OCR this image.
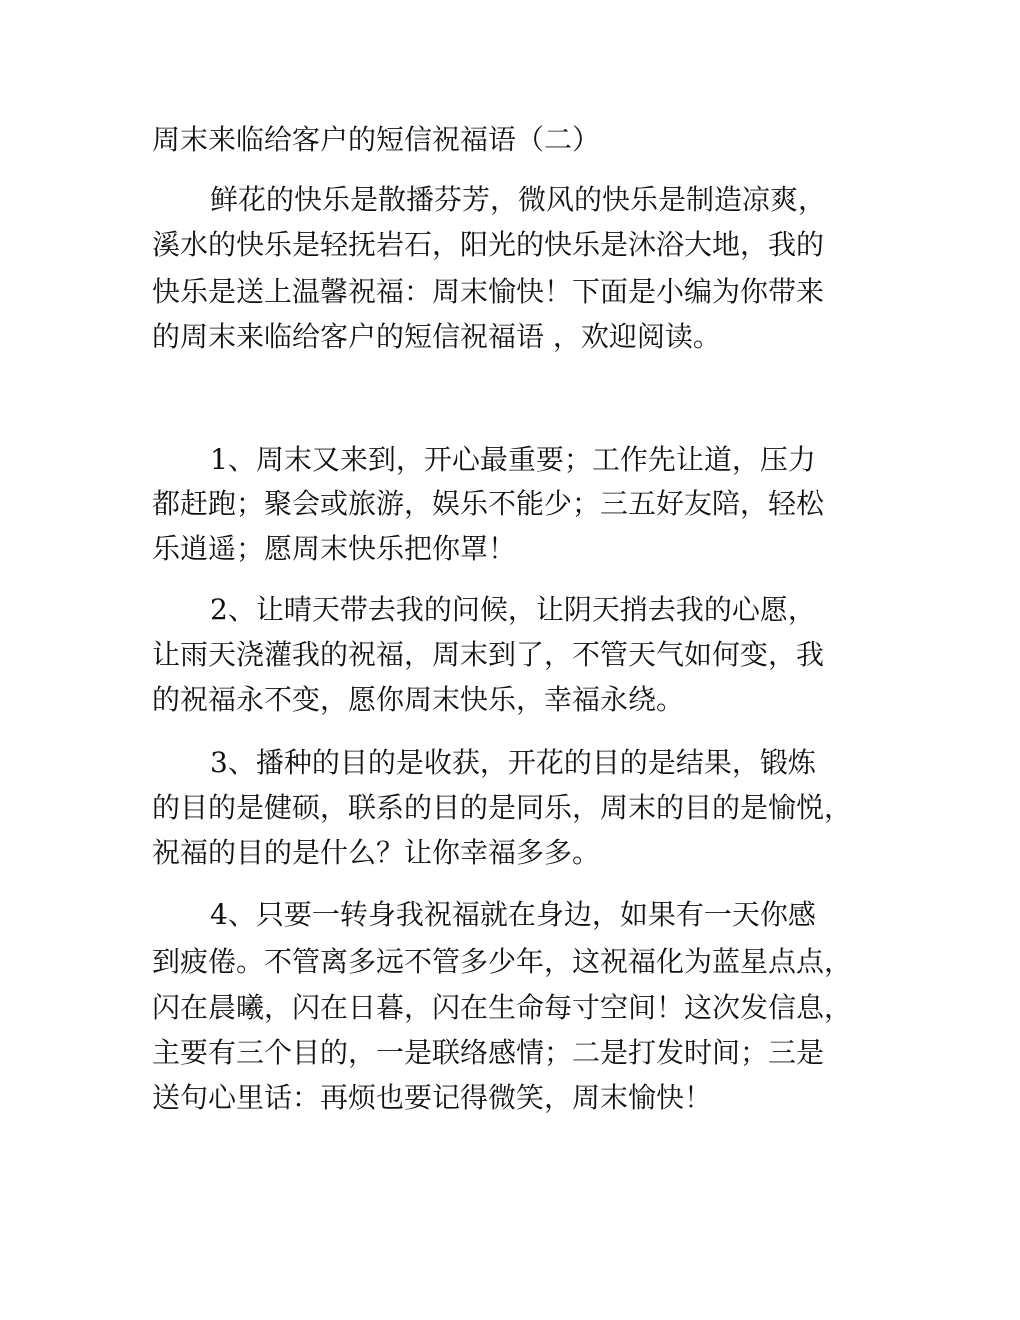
周末来临给客户的短信祝福语（二）
鲜花的快乐是散播芬芳，微风的快乐是制造凉爽，
溪水的快乐是轻抚岩石，阳光的快乐是沐浴大地，我的
快乐是送上温馨祝福：周末愉快！下面是小编为你带来
的周末来临给客户的短信祝福语 ，欢迎阅读。
1、周末又来到，开心最重要；工作先让道，压力
都赶跑；聚会或旅游，娱乐不能少；三五好友陪，轻松
乐逍遥；愿周末快乐把你罩！
2、让晴天带去我的问候，让阴天捎去我的心愿，
让雨天浇灌我的祝福，周末到了，不管天气如何变，我
的祝福永不变，愿你周末快乐，幸福永绕。
3、播种的目的是收获，开花的目的是结果，锻炼
的目的是健硕，联系的目的是同乐，周末的目的是愉悦，
祝福的目的是什么？让你幸福多多。
4、只要一转身我祝福就在身边，如果有一天你感
到疲倦。不管离多远不管多少年，这祝福化为蓝星点点，
闪在晨曦，闪在日暮，闪在生命每寸空间！这次发信息，
主要有三个目的，一是联络感情；二是打发时间；三是
送句心里话：再烦也要记得微笑，周末愉快！
